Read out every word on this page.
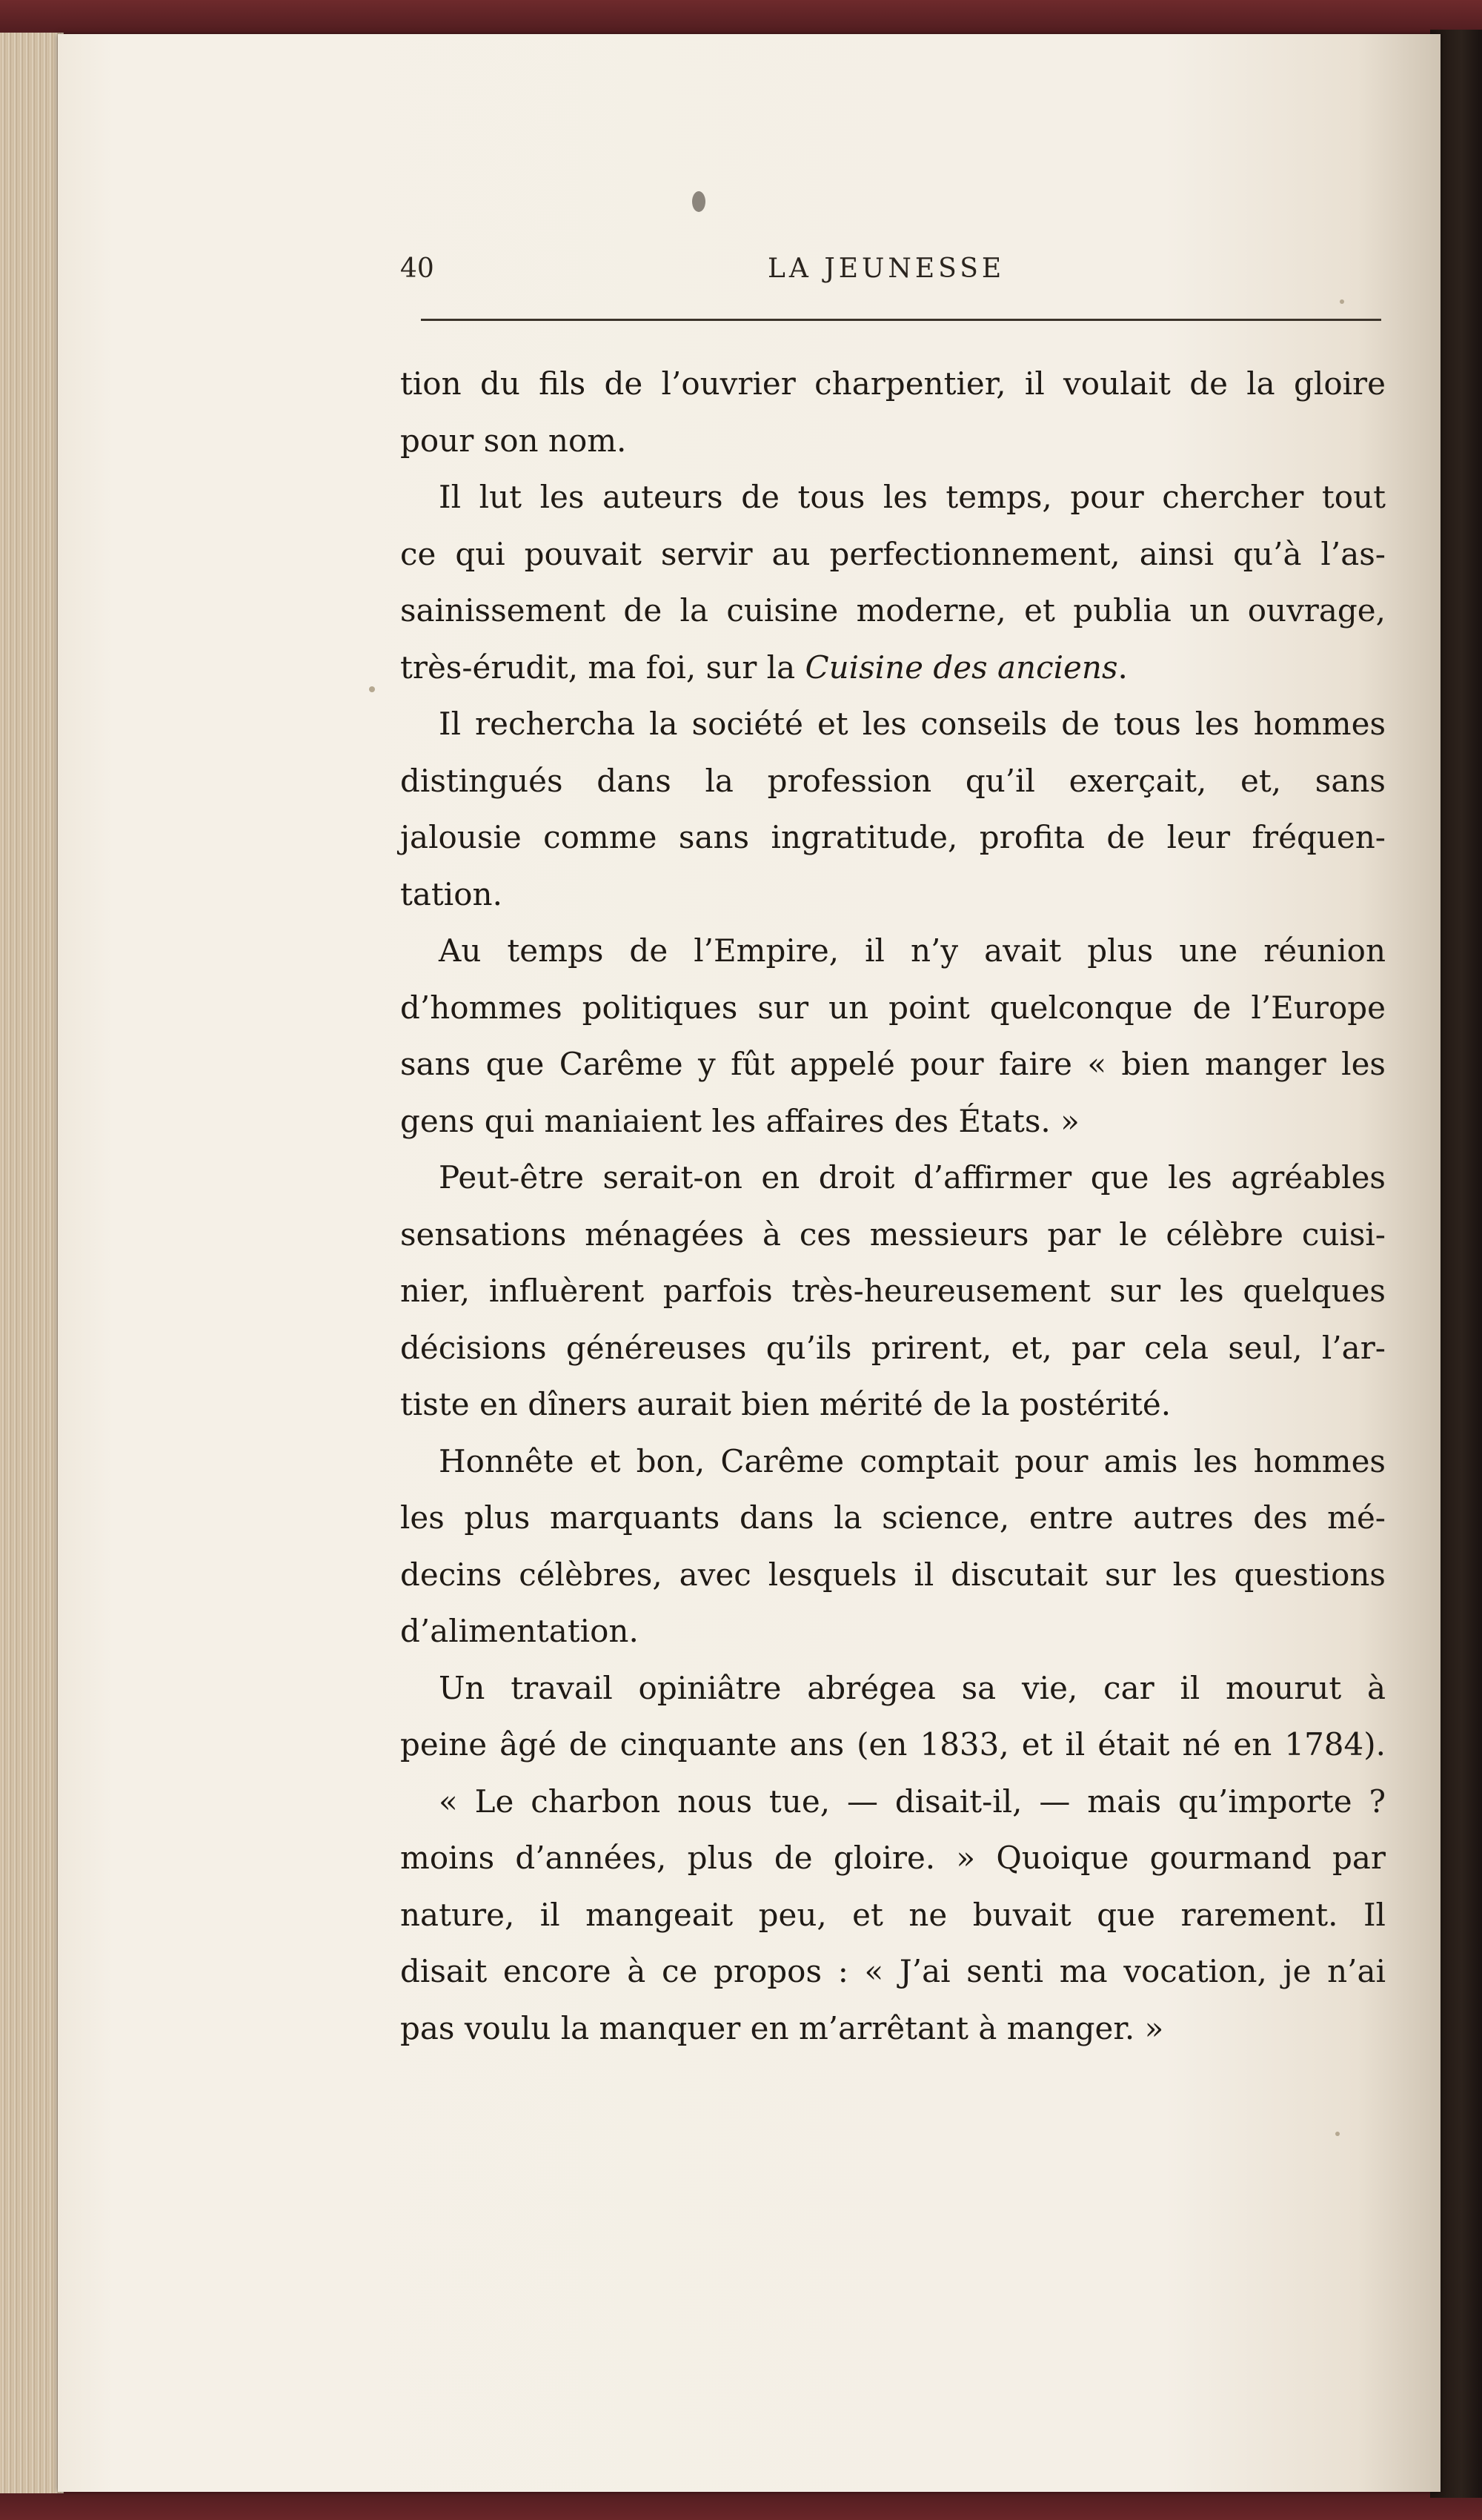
40	LA JEUNESSE
tion du fils de l’ouvrier charpentier, il voulait de la gloire
pour son nom.
Il lut les auteurs de tous les temps, pour chercher tout
ce qui pouvait servir au perfectionnement, ainsi qu’à l’as-
sainissement de la cuisine moderne, et publia un ouvrage,
très-érudit, ma foi, sur la Cuisine des anciens.
Il rechercha la société et les conseils de tous les hommes
distingués dans la profession qu’il exerçait, et, sans
jalousie comme sans ingratitude, profita de leur fréquen-
tation.
Au temps de l’Empire, il n’y avait plus une réunion
d’hommes politiques sur un point quelconque de l’Europe
sans que Carême y fût appelé pour faire « bien manger les
gens qui maniaient les affaires des États. »
Peut-être serait-on en droit d’affirmer que les agréables
sensations ménagées à ces messieurs par le célèbre cuisi-
nier, influèrent parfois très-heureusement sur les quelques
décisions généreuses qu’ils prirent, et, par cela seul, l’ar-
tiste en dîners aurait bien mérité de la postérité.
Honnête et bon, Carême comptait pour amis les hommes
les plus marquants dans la science, entre autres des mé-
decins célèbres, avec lesquels il discutait sur les questions
d’alimentation.
Un travail opiniâtre abrégea sa vie, car il mourut à
peine âgé de cinquante ans (en 1833, et il était né en 1784).
« Le charbon nous tue, — disait-il, — mais qu’importe ?
moins d’années, plus de gloire. » Quoique gourmand par
nature, il mangeait peu, et ne buvait que rarement. Il
disait encore à ce propos : « J’ai senti ma vocation, je n’ai
pas voulu la manquer en m’arrêtant à manger. »
